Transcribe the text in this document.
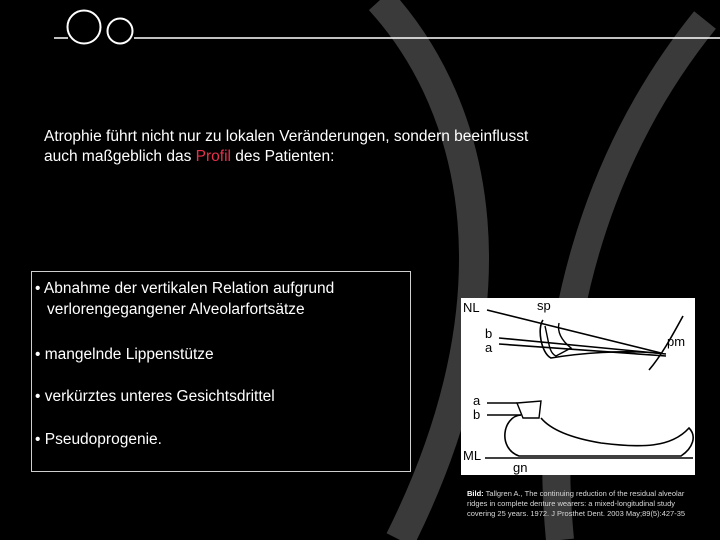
Atrophie führt nicht nur zu lokalen Veränderungen, sondern beeinflusst
auch maßgeblich das Profil des Patienten:
• Abnahme der vertikalen Relation aufgrund
verlorengegangener Alveolarfortsätze
• mangelnde Lippenstütze
• verkürztes unteres Gesichtsdrittel
• Pseudoprogenie.
NL	sp
b
a	pm
a
b
ML
gn
Bild: Tallgren A., The continuing reduction of the residual alveolar ridges in complete denture wearers: a mixed-longitudinal study covering 25 years. 1972. J Prosthet Dent. 2003 May;89(5):427-35
